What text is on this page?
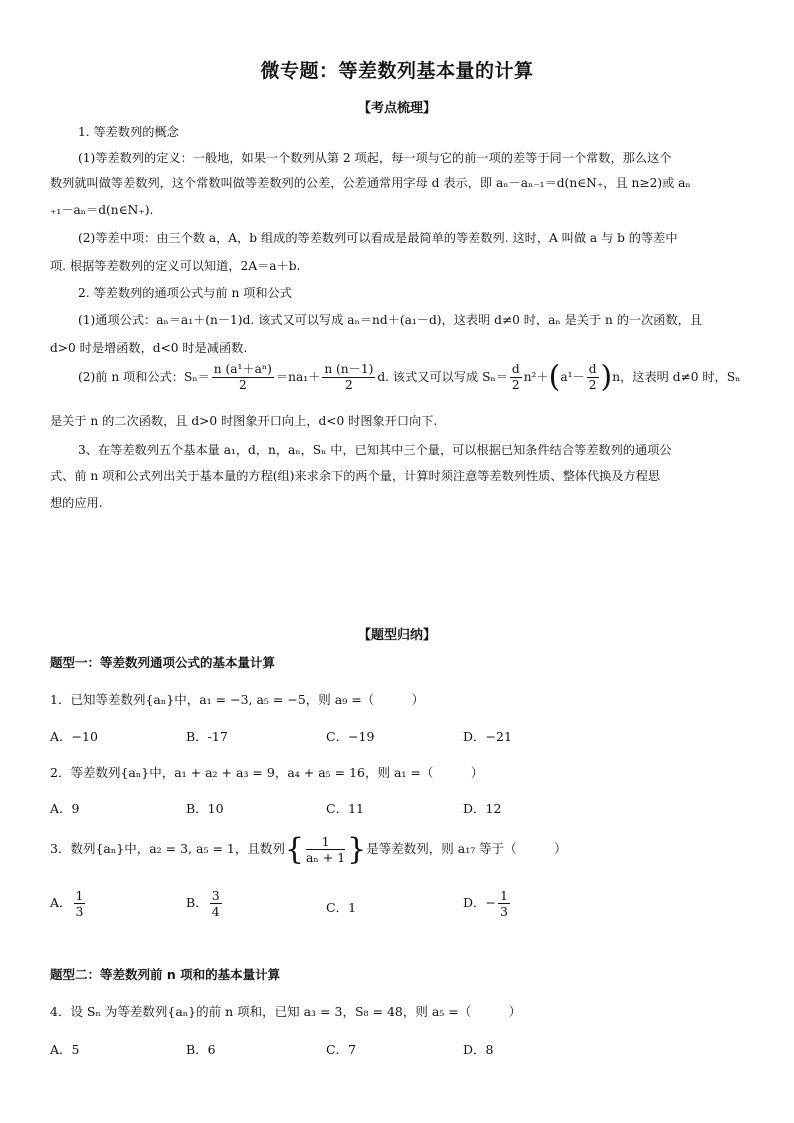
微专题：等差数列基本量的计算
【考点梳理】
1. 等差数列的概念
(1)等差数列的定义：一般地，如果一个数列从第 2 项起，每一项与它的前一项的差等于同一个常数，那么这个
数列就叫做等差数列，这个常数叫做等差数列的公差，公差通常用字母 d 表示，即 aₙ－aₙ₋₁＝d(n∈N₊，且 n≥2)或 aₙ
₊₁－aₙ＝d(n∈N₊).
(2)等差中项：由三个数 a，A，b 组成的等差数列可以看成是最简单的等差数列. 这时，A 叫做 a 与 b 的等差中
项. 根据等差数列的定义可以知道，2A＝a＋b.
2. 等差数列的通项公式与前 n 项和公式
(1)通项公式：aₙ＝a₁＋(n－1)d. 该式又可以写成 aₙ＝nd＋(a₁－d)，这表明 d≠0 时，aₙ 是关于 n 的一次函数，且
d>0 时是增函数，d<0 时是减函数.
(2)前 n 项和公式：$S_n= \frac{\text{n (a¹＋aⁿ)}}{2} =na_1+ \frac{n (n-1)}{2} d$. 该式又可以写成 $S_n= \frac{d}{2} n^2+(a^1- \frac{d}{2} )n$，这表明 d≠0 时，Sₙ
是关于 n 的二次函数，且 d>0 时图象开口向上，d<0 时图象开口向下.
3、在等差数列五个基本量 a₁，d，n，aₙ，Sₙ 中，已知其中三个量，可以根据已知条件结合等差数列的通项公
式、前 n 项和公式列出关于基本量的方程(组)来求余下的两个量，计算时须注意等差数列性质、整体代换及方程思
想的应用.
【题型归纳】
题型一：等差数列通项公式的基本量计算
1．已知等差数列{aₙ}中，a₁ = −3, a₅ = −5，则 a₉ =（　　　）
A．−10	B．-17	C．−19	D．−21
2．等差数列{aₙ}中，a₁ + a₂ + a₃ = 9，a₄ + a₅ = 16，则 a₁ =（　　　）
A．9	B．10	C．11	D．12
3．数列{aₙ}中，a₂ = 3, a₅ = 1，且数列{ $\frac{1}{\text{aₙ + 1}}$ }是等差数列，则 a₁₇ 等于（　　　）
A． $\frac{1}{3}$	B． $\frac{3}{4}$	C．1	D．− $\frac{1}{3}$
题型二：等差数列前 n 项和的基本量计算
4．设 Sₙ 为等差数列{aₙ}的前 n 项和，已知 a₃ = 3，S₈ = 48，则 a₅ =（　　　）
A．5	B．6	C．7	D．8
